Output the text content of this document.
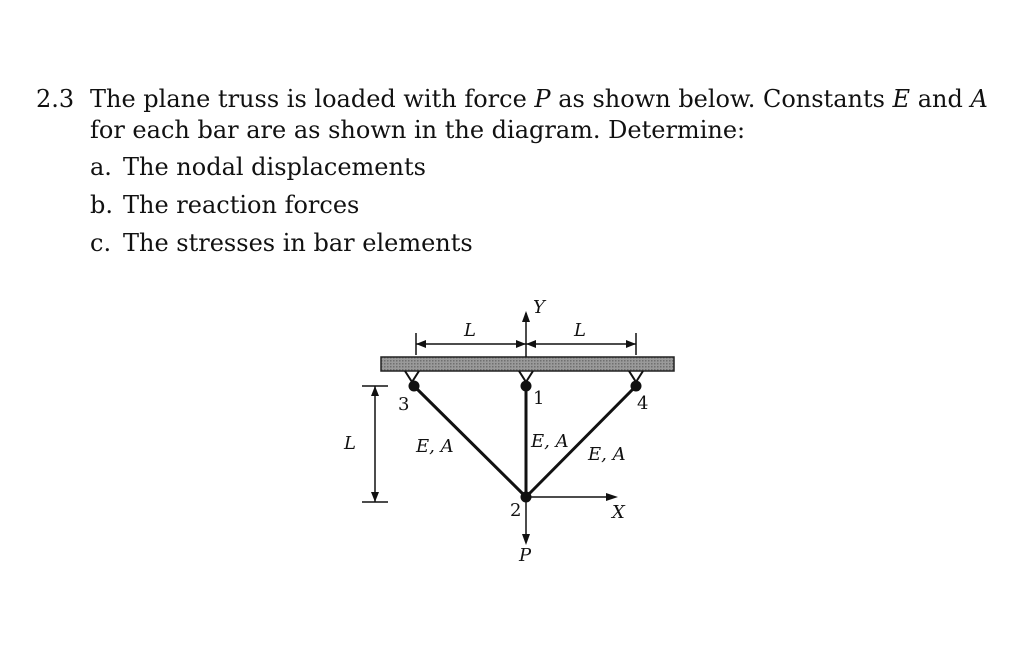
2.3 The plane truss is loaded with force P as shown below. Constants E and A for each bar are as shown in the diagram. Determine:
a. The nodal displacements
b. The reaction forces
c. The stresses in bar elements
Y
L	L
L
1
2
3	4
E, A	E, A
E, A
X
P
